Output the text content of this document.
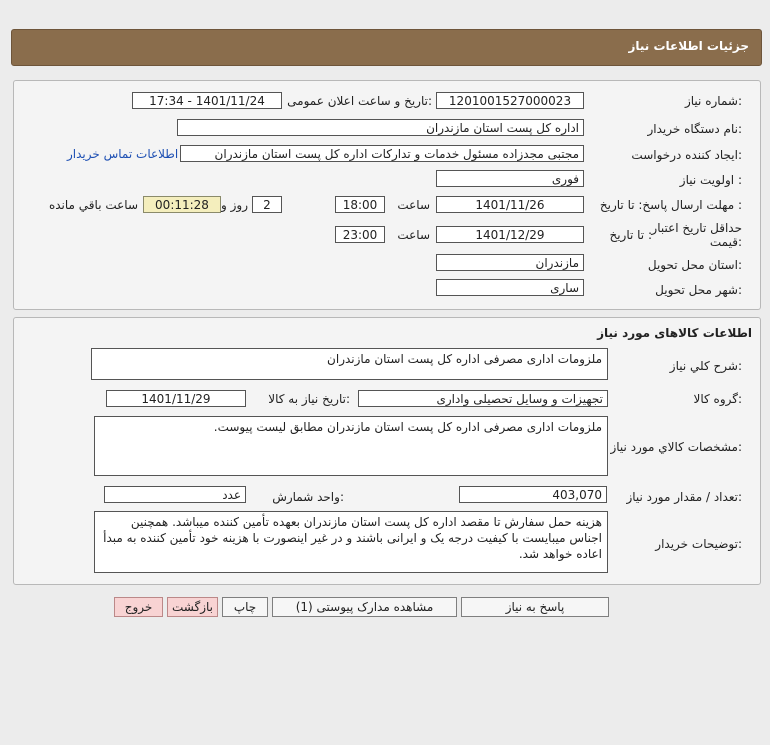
جزئیات اطلاعات نیاز
شماره نیاز:
1201001527000023
تاریخ و ساعت اعلان عمومی:
1401/11/24 - 17:34
نام دستگاه خریدار:
اداره کل پست استان مازندران
ایجاد کننده درخواست:
مجتبی مجدزاده مسئول خدمات و تدارکات اداره کل پست استان مازندران
اطلاعات تماس خریدار
اولویت نیاز :
فوری
مهلت ارسال پاسخ: تا تاریخ :
1401/11/26
ساعت
18:00
2
روز و
00:11:28
ساعت باقي مانده
حداقل تاریخ اعتبار
قیمت:
تا تاریخ :
1401/12/29
ساعت
23:00
استان محل تحویل:
مازندران
شهر محل تحویل:
ساری
اطلاعات کالاهای مورد نیاز
شرح کلي نياز:
ملزومات اداری مصرفی اداره کل پست استان مازندران
گروه کالا:
تجهیزات و وسایل تحصیلی واداری
تاریخ نیاز به کالا:
1401/11/29
مشخصات کالاي مورد نياز:
ملزومات اداری مصرفی اداره کل پست استان مازندران مطابق لیست پیوست.
تعداد / مقدار مورد نیاز:
403,070
واحد شمارش:
عدد
توضیحات خریدار:
هزینه حمل سفارش تا مقصد اداره کل پست استان مازندران بعهده تأمین کننده میباشد. همچنین اجناس میبایست با کیفیت درجه یک و ایرانی باشند و در غیر اینصورت با هزینه خود تأمین کننده به مبدأ اعاده خواهد شد.
پاسخ به نیاز
مشاهده مدارک پیوستی (1)
چاپ
بازگشت
خروج
